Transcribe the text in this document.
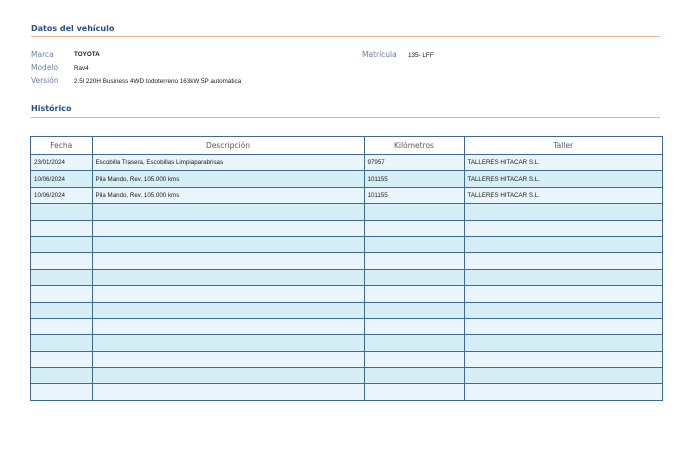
Datos del vehículo
Marca	TOYOTA
Modelo	Rav4
Versión 2.5l 220H Business 4WD todoterreno 163kW 5P automática
Matrícula 135- LFF
Histórico
Fecha	Descripción	Kilómetros	Taller
23/01/2024	Escobilla Trasera, Escobillas Limpiaparabrisas	97957	TALLERES HITACAR S.L.
10/06/2024	Pila Mando, Rev. 105.000 kms	101155	TALLERES HITACAR S.L.
10/06/2024	Pila Mando, Rev. 105.000 kms	101155	TALLERES HITACAR S.L.
